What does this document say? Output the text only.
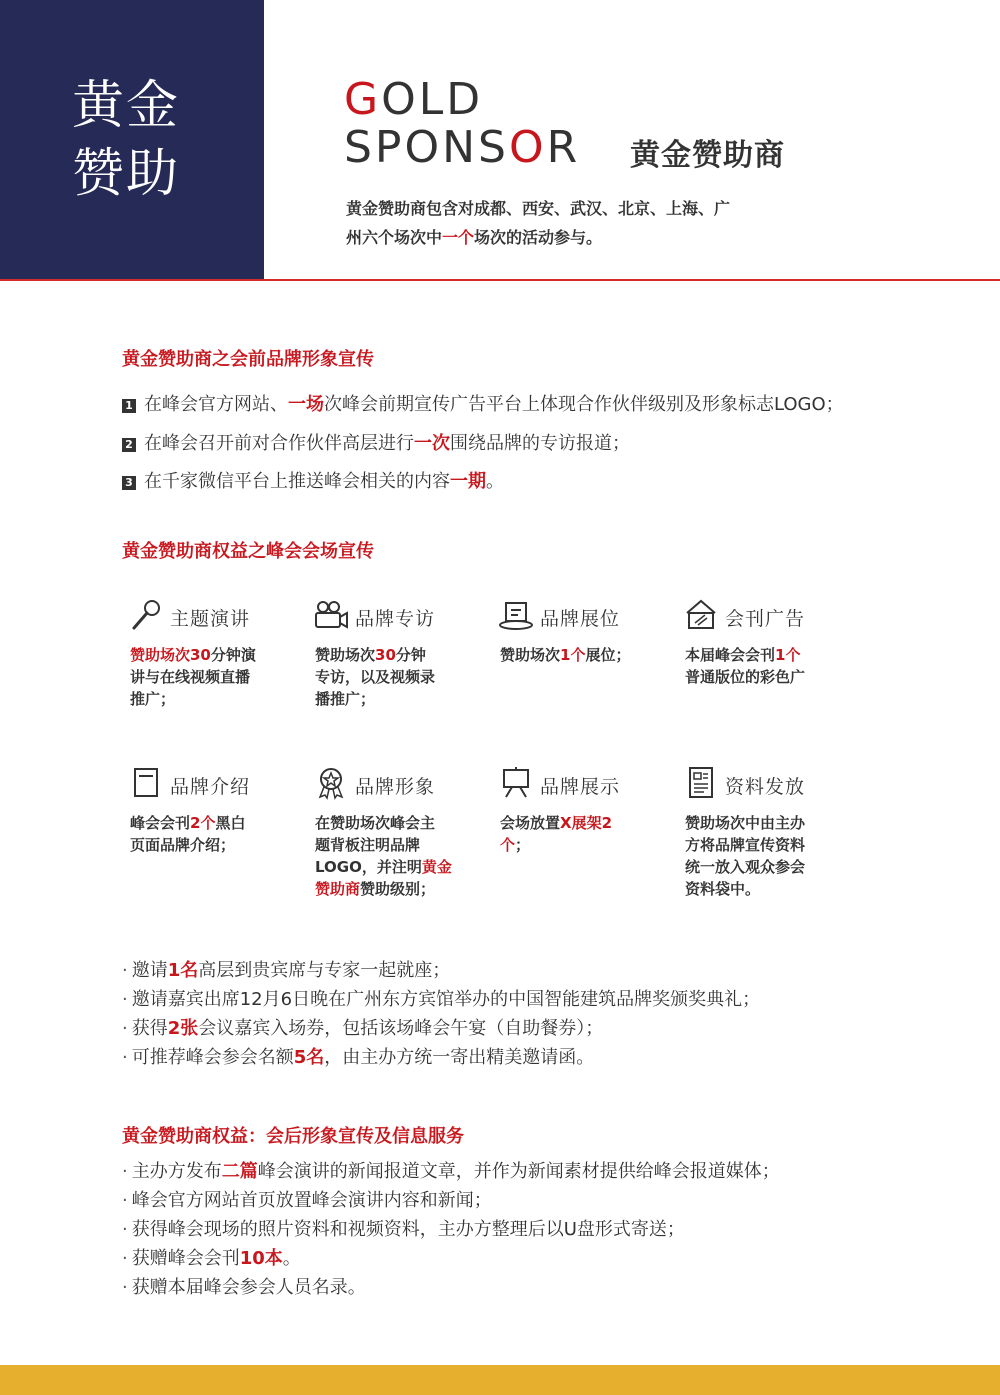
黄金
赞助
GOLD
SPONSOR 黄金赞助商
黄金赞助商包含对成都、西安、武汉、北京、上海、广
州六个场次中一个场次的活动参与。
黄金赞助商之会前品牌形象宣传
1 在峰会官方网站、一场次峰会前期宣传广告平台上体现合作伙伴级别及形象标志LOGO；
2 在峰会召开前对合作伙伴高层进行一次围绕品牌的专访报道；
3 在千家微信平台上推送峰会相关的内容一期。
黄金赞助商权益之峰会会场宣传
主题演讲
赞助场次30分钟演
讲与在线视频直播
推广；
品牌专访
赞助场次30分钟
专访，以及视频录
播推广；
品牌展位
赞助场次1个展位；
会刊广告
本届峰会会刊1个
普通版位的彩色广
品牌介绍
峰会会刊2个黑白
页面品牌介绍；
品牌形象
在赞助场次峰会主
题背板注明品牌
LOGO，并注明黄金
赞助商赞助级别；
品牌展示
会场放置X展架2
个；
资料发放
赞助场次中由主办
方将品牌宣传资料
统一放入观众参会
资料袋中。
· 邀请1名高层到贵宾席与专家一起就座；
· 邀请嘉宾出席12月6日晚在广州东方宾馆举办的中国智能建筑品牌奖颁奖典礼；
· 获得2张会议嘉宾入场券，包括该场峰会午宴（自助餐券）；
· 可推荐峰会参会名额5名，由主办方统一寄出精美邀请函。
黄金赞助商权益：会后形象宣传及信息服务
· 主办方发布二篇峰会演讲的新闻报道文章，并作为新闻素材提供给峰会报道媒体；
· 峰会官方网站首页放置峰会演讲内容和新闻；
· 获得峰会现场的照片资料和视频资料，主办方整理后以U盘形式寄送；
· 获赠峰会会刊10本。
· 获赠本届峰会参会人员名录。
